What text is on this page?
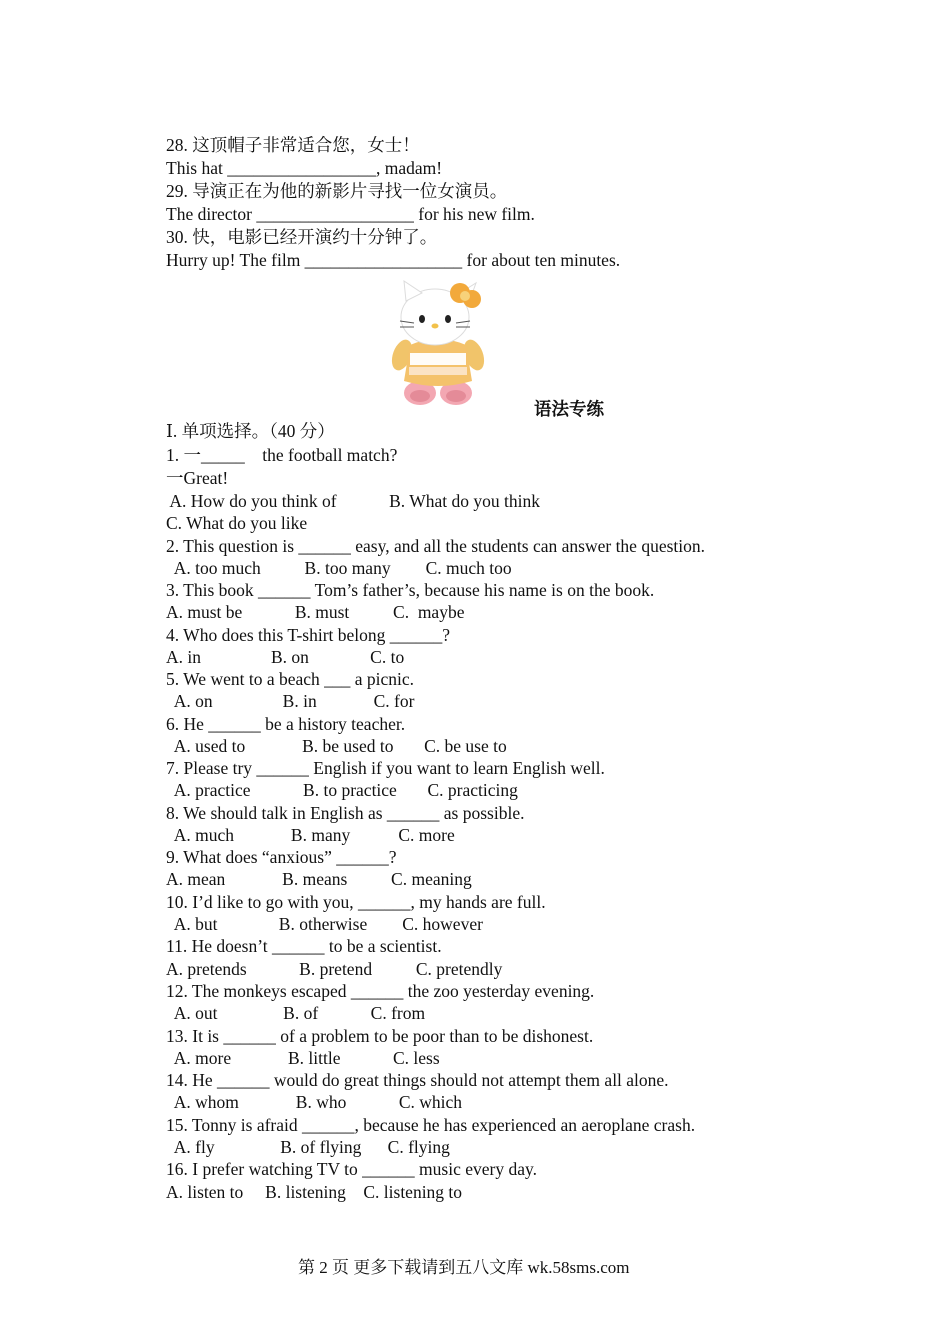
28. 这顶帽子非常适合您，女士！
This hat _________________, madam!
29. 导演正在为他的新影片寻找一位女演员。
The director __________________ for his new film.
30. 快，电影已经开演约十分钟了。
Hurry up! The film __________________ for about ten minutes.
语法专练
Ⅰ. 单项选择。（40 分）
1. 一_____    the football match?
一Great!
A. How do you think of            B. What do you think
C. What do you like
2. This question is ______ easy, and all the students can answer the question.
A. too much          B. too many        C. much too
3. This book ______ Tom’s father’s, because his name is on the book.
A. must be            B. must          C.  maybe
4. Who does this T-shirt belong ______?
A. in                B. on              C. to
5. We went to a beach ___ a picnic.
A. on                B. in             C. for
6. He ______ be a history teacher.
A. used to             B. be used to       C. be use to
7. Please try ______ English if you want to learn English well.
A. practice            B. to practice       C. practicing
8. We should talk in English as ______ as possible.
A. much             B. many           C. more
9. What does “anxious” ______?
A. mean             B. means          C. meaning
10. I’d like to go with you, ______, my hands are full.
A. but              B. otherwise        C. however
11. He doesn’t ______ to be a scientist.
A. pretends            B. pretend          C. pretendly
12. The monkeys escaped ______ the zoo yesterday evening.
A. out               B. of            C. from
13. It is ______ of a problem to be poor than to be dishonest.
A. more             B. little            C. less
14. He ______ would do great things should not attempt them all alone.
A. whom             B. who            C. which
15. Tonny is afraid ______, because he has experienced an aeroplane crash.
A. fly               B. of flying      C. flying
16. I prefer watching TV to ______ music every day.
A. listen to     B. listening    C. listening to
第 2 页 更多下载请到五八文库 wk.58sms.com
